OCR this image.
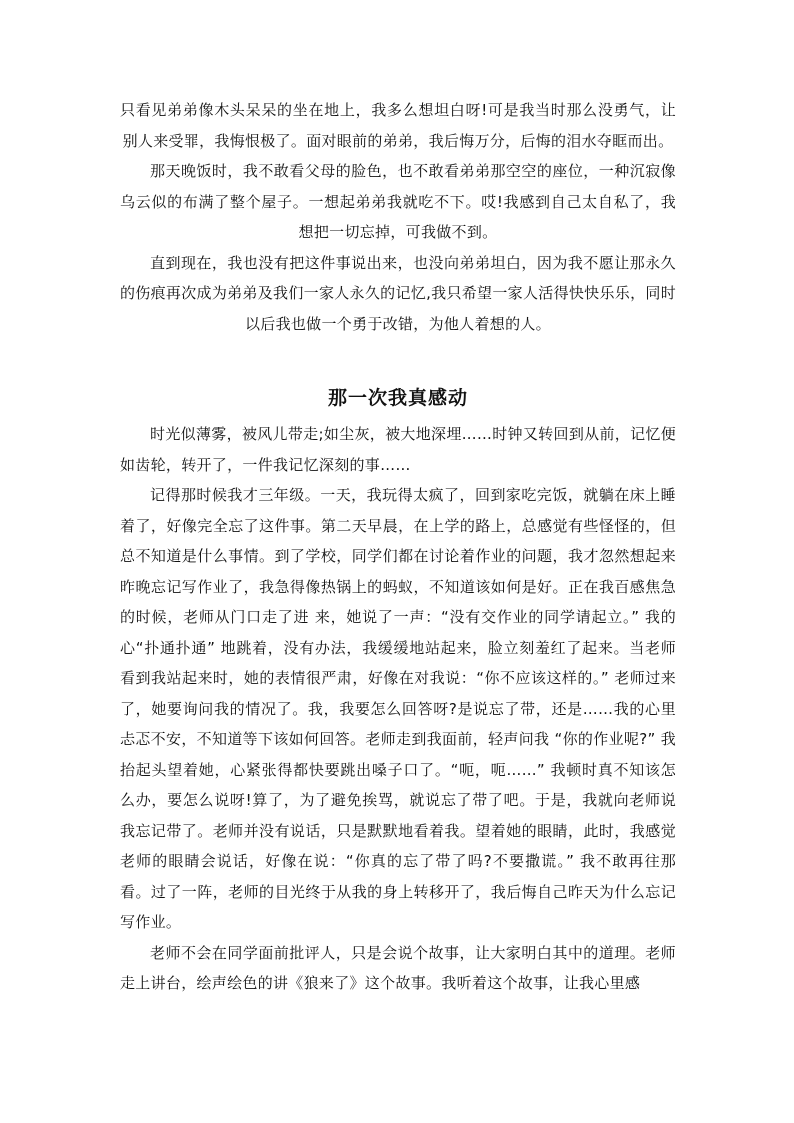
只看见弟弟像木头呆呆的坐在地上，我多么想坦白呀!可是我当时那么没勇气，让别人来受罪，我悔恨极了。面对眼前的弟弟，我后悔万分，后悔的泪水夺眶而出。

那天晚饭时，我不敢看父母的脸色，也不敢看弟弟那空空的座位，一种沉寂像乌云似的布满了整个屋子。一想起弟弟我就吃不下。哎!我感到自己太自私了，我想把一切忘掉，可我做不到。

直到现在，我也没有把这件事说出来，也没向弟弟坦白，因为我不愿让那永久的伤痕再次成为弟弟及我们一家人永久的记忆,我只希望一家人活得快快乐乐，同时以后我也做一个勇于改错，为他人着想的人。

那一次我真感动

时光似薄雾，被风儿带走;如尘灰，被大地深埋……时钟又转回到从前，记忆便如齿轮，转开了，一件我记忆深刻的事……

记得那时候我才三年级。一天，我玩得太疯了，回到家吃完饭，就躺在床上睡着了，好像完全忘了这件事。第二天早晨，在上学的路上，总感觉有些怪怪的，但总不知道是什么事情。到了学校，同学们都在讨论着作业的问题，我才忽然想起来昨晚忘记写作业了，我急得像热锅上的蚂蚁，不知道该如何是好。正在我百感焦急的时候，老师从门口走了进 来，她说了一声：“没有交作业的同学请起立。” 我的心“扑通扑通” 地跳着，没有办法，我缓缓地站起来，脸立刻羞红了起来。当老师看到我站起来时，她的表情很严肃，好像在对我说：“你不应该这样的。” 老师过来了，她要询问我的情况了。我，我要怎么回答呀?是说忘了带，还是……我的心里忐忑不安，不知道等下该如何回答。老师走到我面前，轻声问我 “你的作业呢?” 我抬起头望着她，心紧张得都快要跳出嗓子口了。“呃，呃……” 我顿时真不知该怎么办，要怎么说呀!算了，为了避免挨骂，就说忘了带了吧。于是，我就向老师说我忘记带了。老师并没有说话，只是默默地看着我。望着她的眼睛，此时，我感觉老师的眼睛会说话，好像在说：“你真的忘了带了吗?不要撒谎。” 我不敢再往那看。过了一阵，老师的目光终于从我的身上转移开了，我后悔自己昨天为什么忘记写作业。

老师不会在同学面前批评人，只是会说个故事，让大家明白其中的道理。老师走上讲台，绘声绘色的讲《狼来了》这个故事。我听着这个故事，让我心里感
